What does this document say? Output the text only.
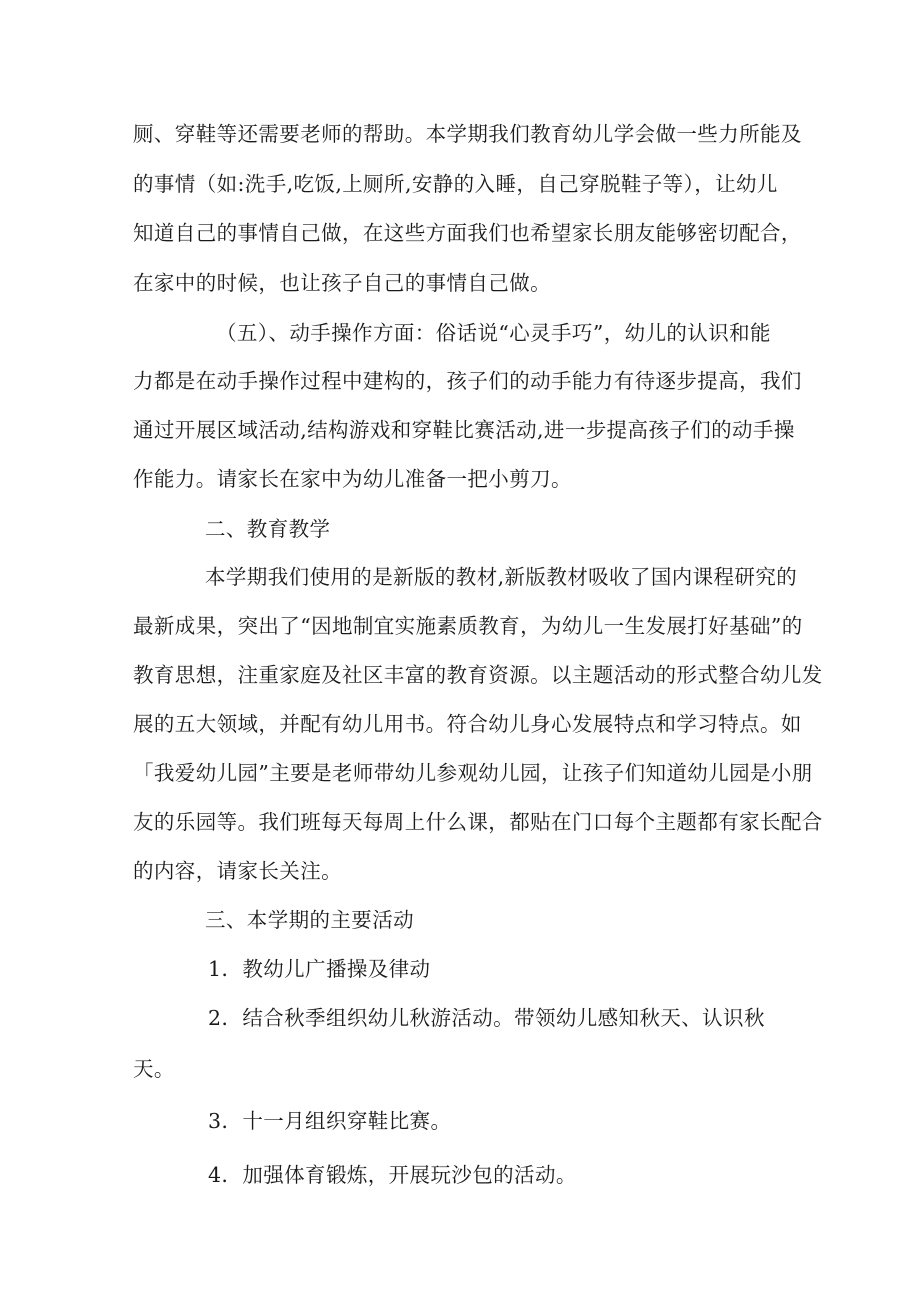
厕、穿鞋等还需要老师的帮助。本学期我们教育幼儿学会做一些力所能及
的事情（如:洗手,吃饭,上厕所,安静的入睡，自己穿脱鞋子等），让幼儿
知道自己的事情自己做，在这些方面我们也希望家长朋友能够密切配合，
在家中的时候，也让孩子自己的事情自己做。
（五）、动手操作方面：俗话说“心灵手巧”，幼儿的认识和能
力都是在动手操作过程中建构的，孩子们的动手能力有待逐步提高，我们
通过开展区域活动,结构游戏和穿鞋比赛活动,进一步提高孩子们的动手操
作能力。请家长在家中为幼儿准备一把小剪刀。
二、教育教学
本学期我们使用的是新版的教材,新版教材吸收了国内课程研究的
最新成果，突出了“因地制宜实施素质教育，为幼儿一生发展打好基础”的
教育思想，注重家庭及社区丰富的教育资源。以主题活动的形式整合幼儿发
展的五大领域，并配有幼儿用书。符合幼儿身心发展特点和学习特点。如
「我爱幼儿园”主要是老师带幼儿参观幼儿园，让孩子们知道幼儿园是小朋
友的乐园等。我们班每天每周上什么课，都贴在门口每个主题都有家长配合
的内容，请家长关注。
三、本学期的主要活动
1．教幼儿广播操及律动
2．结合秋季组织幼儿秋游活动。带领幼儿感知秋天、认识秋
天。
3．十一月组织穿鞋比赛。
4．加强体育锻炼，开展玩沙包的活动。
